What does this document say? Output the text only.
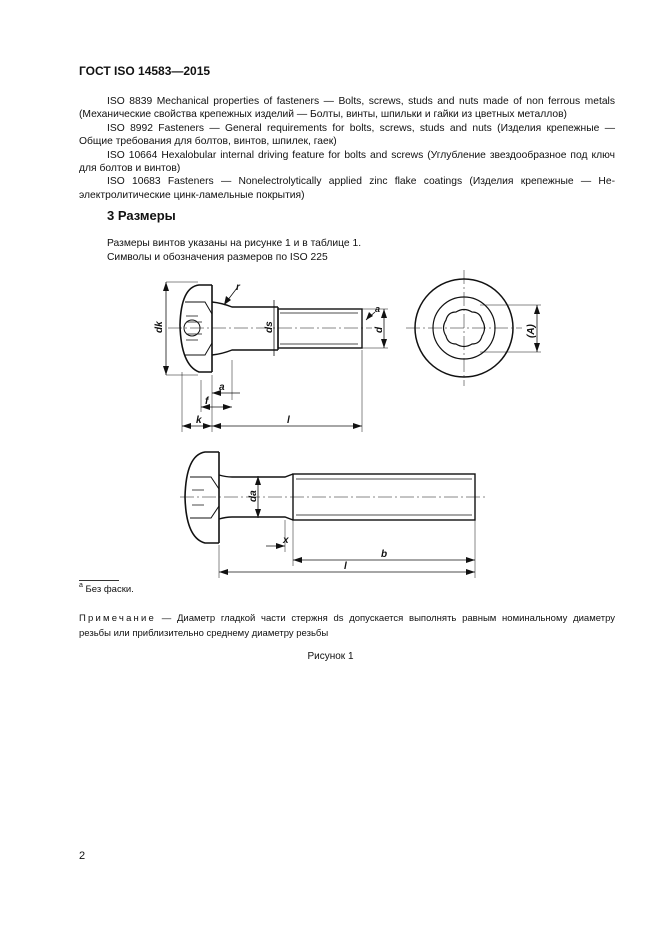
ГОСТ ISO 14583—2015

ISO 8839 Mechanical properties of fasteners — Bolts, screws, studs and nuts made of non ferrous metals (Механические свойства крепежных изделий — Болты, винты, шпильки и гайки из цветных металлов)

ISO 8992 Fasteners — General requirements for bolts, screws, studs and nuts (Изделия крепежные — Общие требования для болтов, винтов, шпилек, гаек)

ISO 10664 Hexalobular internal driving feature for bolts and screws (Углубление звездообразное под ключ для болтов и винтов)

ISO 10683 Fasteners — Nonelectrolytically applied zinc flake coatings (Изделия крепежные — Неэлектролитические цинк-ламельные покрытия)

3 Размеры
Размеры винтов указаны на рисунке 1 и в таблице 1.
Символы и обозначения размеров по ISO 225
dk
r
ds
a
d	(A)
a
f
k	l
da
x
b
l
$^a$ Без фаски.
Примечание — Диаметр гладкой части стержня ds допускается выполнять равным номинальному диаметру резьбы или приблизительно среднему диаметру резьбы
Рисунок 1
2
